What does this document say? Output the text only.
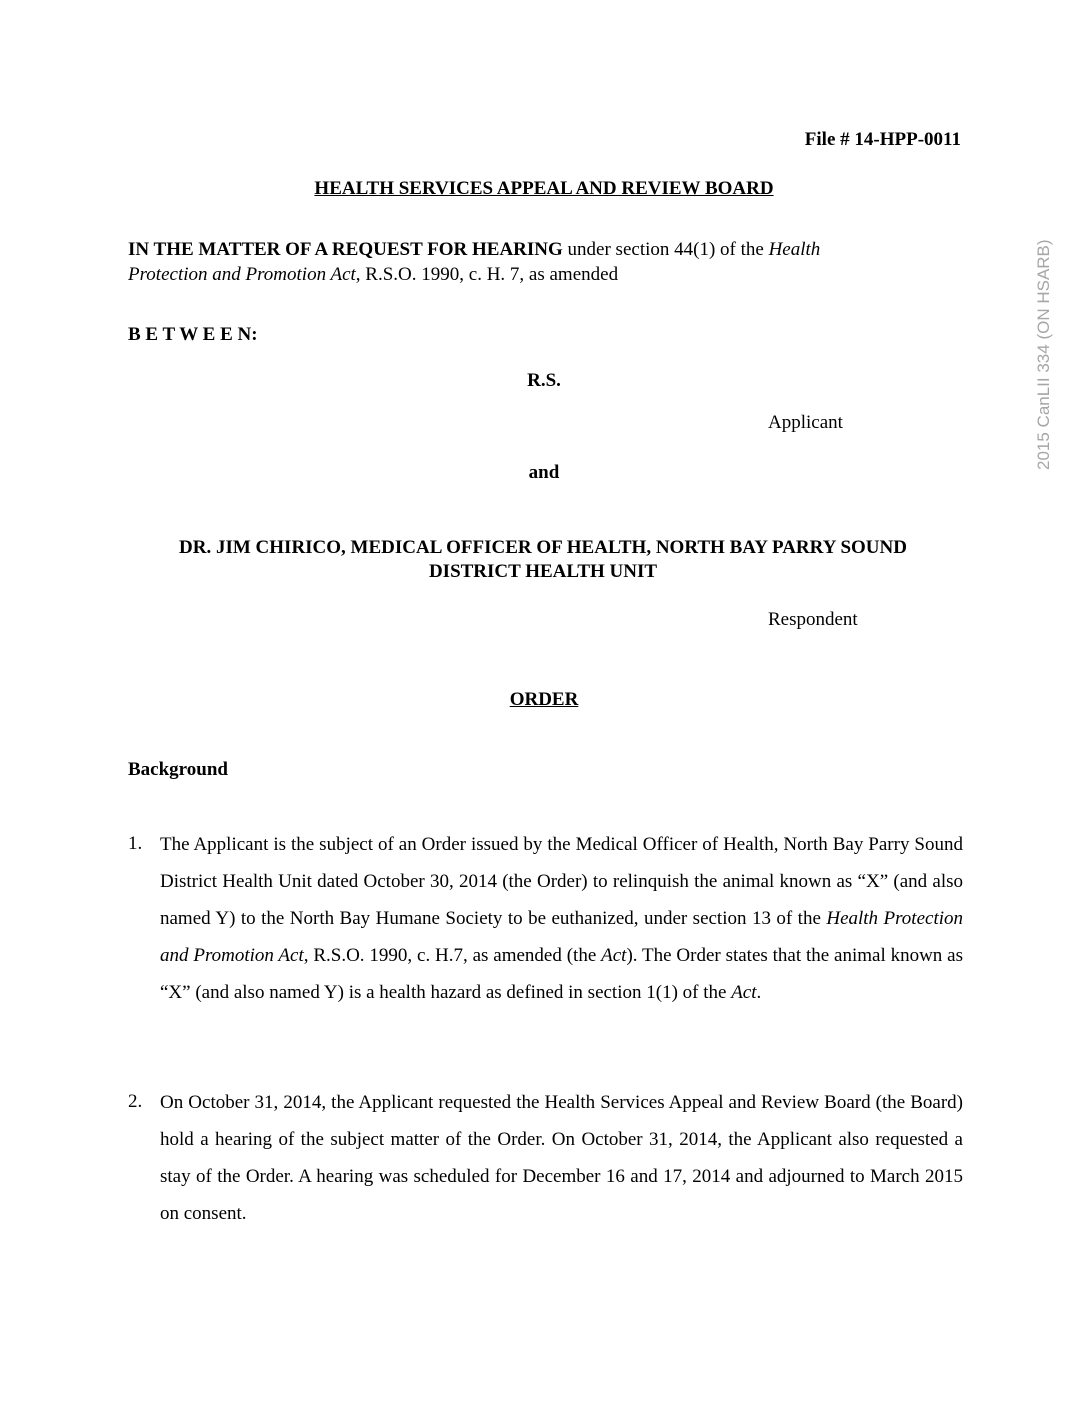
2015 CanLII 334 (ON HSARB)
File # 14-HPP-0011
HEALTH SERVICES APPEAL AND REVIEW BOARD
IN THE MATTER OF A REQUEST FOR HEARING under section 44(1) of the Health
Protection and Promotion Act, R.S.O. 1990, c. H. 7, as amended
B E T W E E N:
R.S.
Applicant
and
DR. JIM CHIRICO, MEDICAL OFFICER OF HEALTH, NORTH BAY PARRY SOUND
DISTRICT HEALTH UNIT
Respondent
ORDER
Background
1. The Applicant is the subject of an Order issued by the Medical Officer of Health, North Bay Parry Sound District Health Unit dated October 30, 2014 (the Order) to relinquish the animal known as “X” (and also named Y) to the North Bay Humane Society to be euthanized, under section 13 of the Health Protection and Promotion Act, R.S.O. 1990, c. H.7, as amended (the Act). The Order states that the animal known as “X” (and also named Y) is a health hazard as defined in section 1(1) of the Act.
2. On October 31, 2014, the Applicant requested the Health Services Appeal and Review Board (the Board) hold a hearing of the subject matter of the Order. On October 31, 2014, the Applicant also requested a stay of the Order. A hearing was scheduled for December 16 and 17, 2014 and adjourned to March 2015 on consent.
